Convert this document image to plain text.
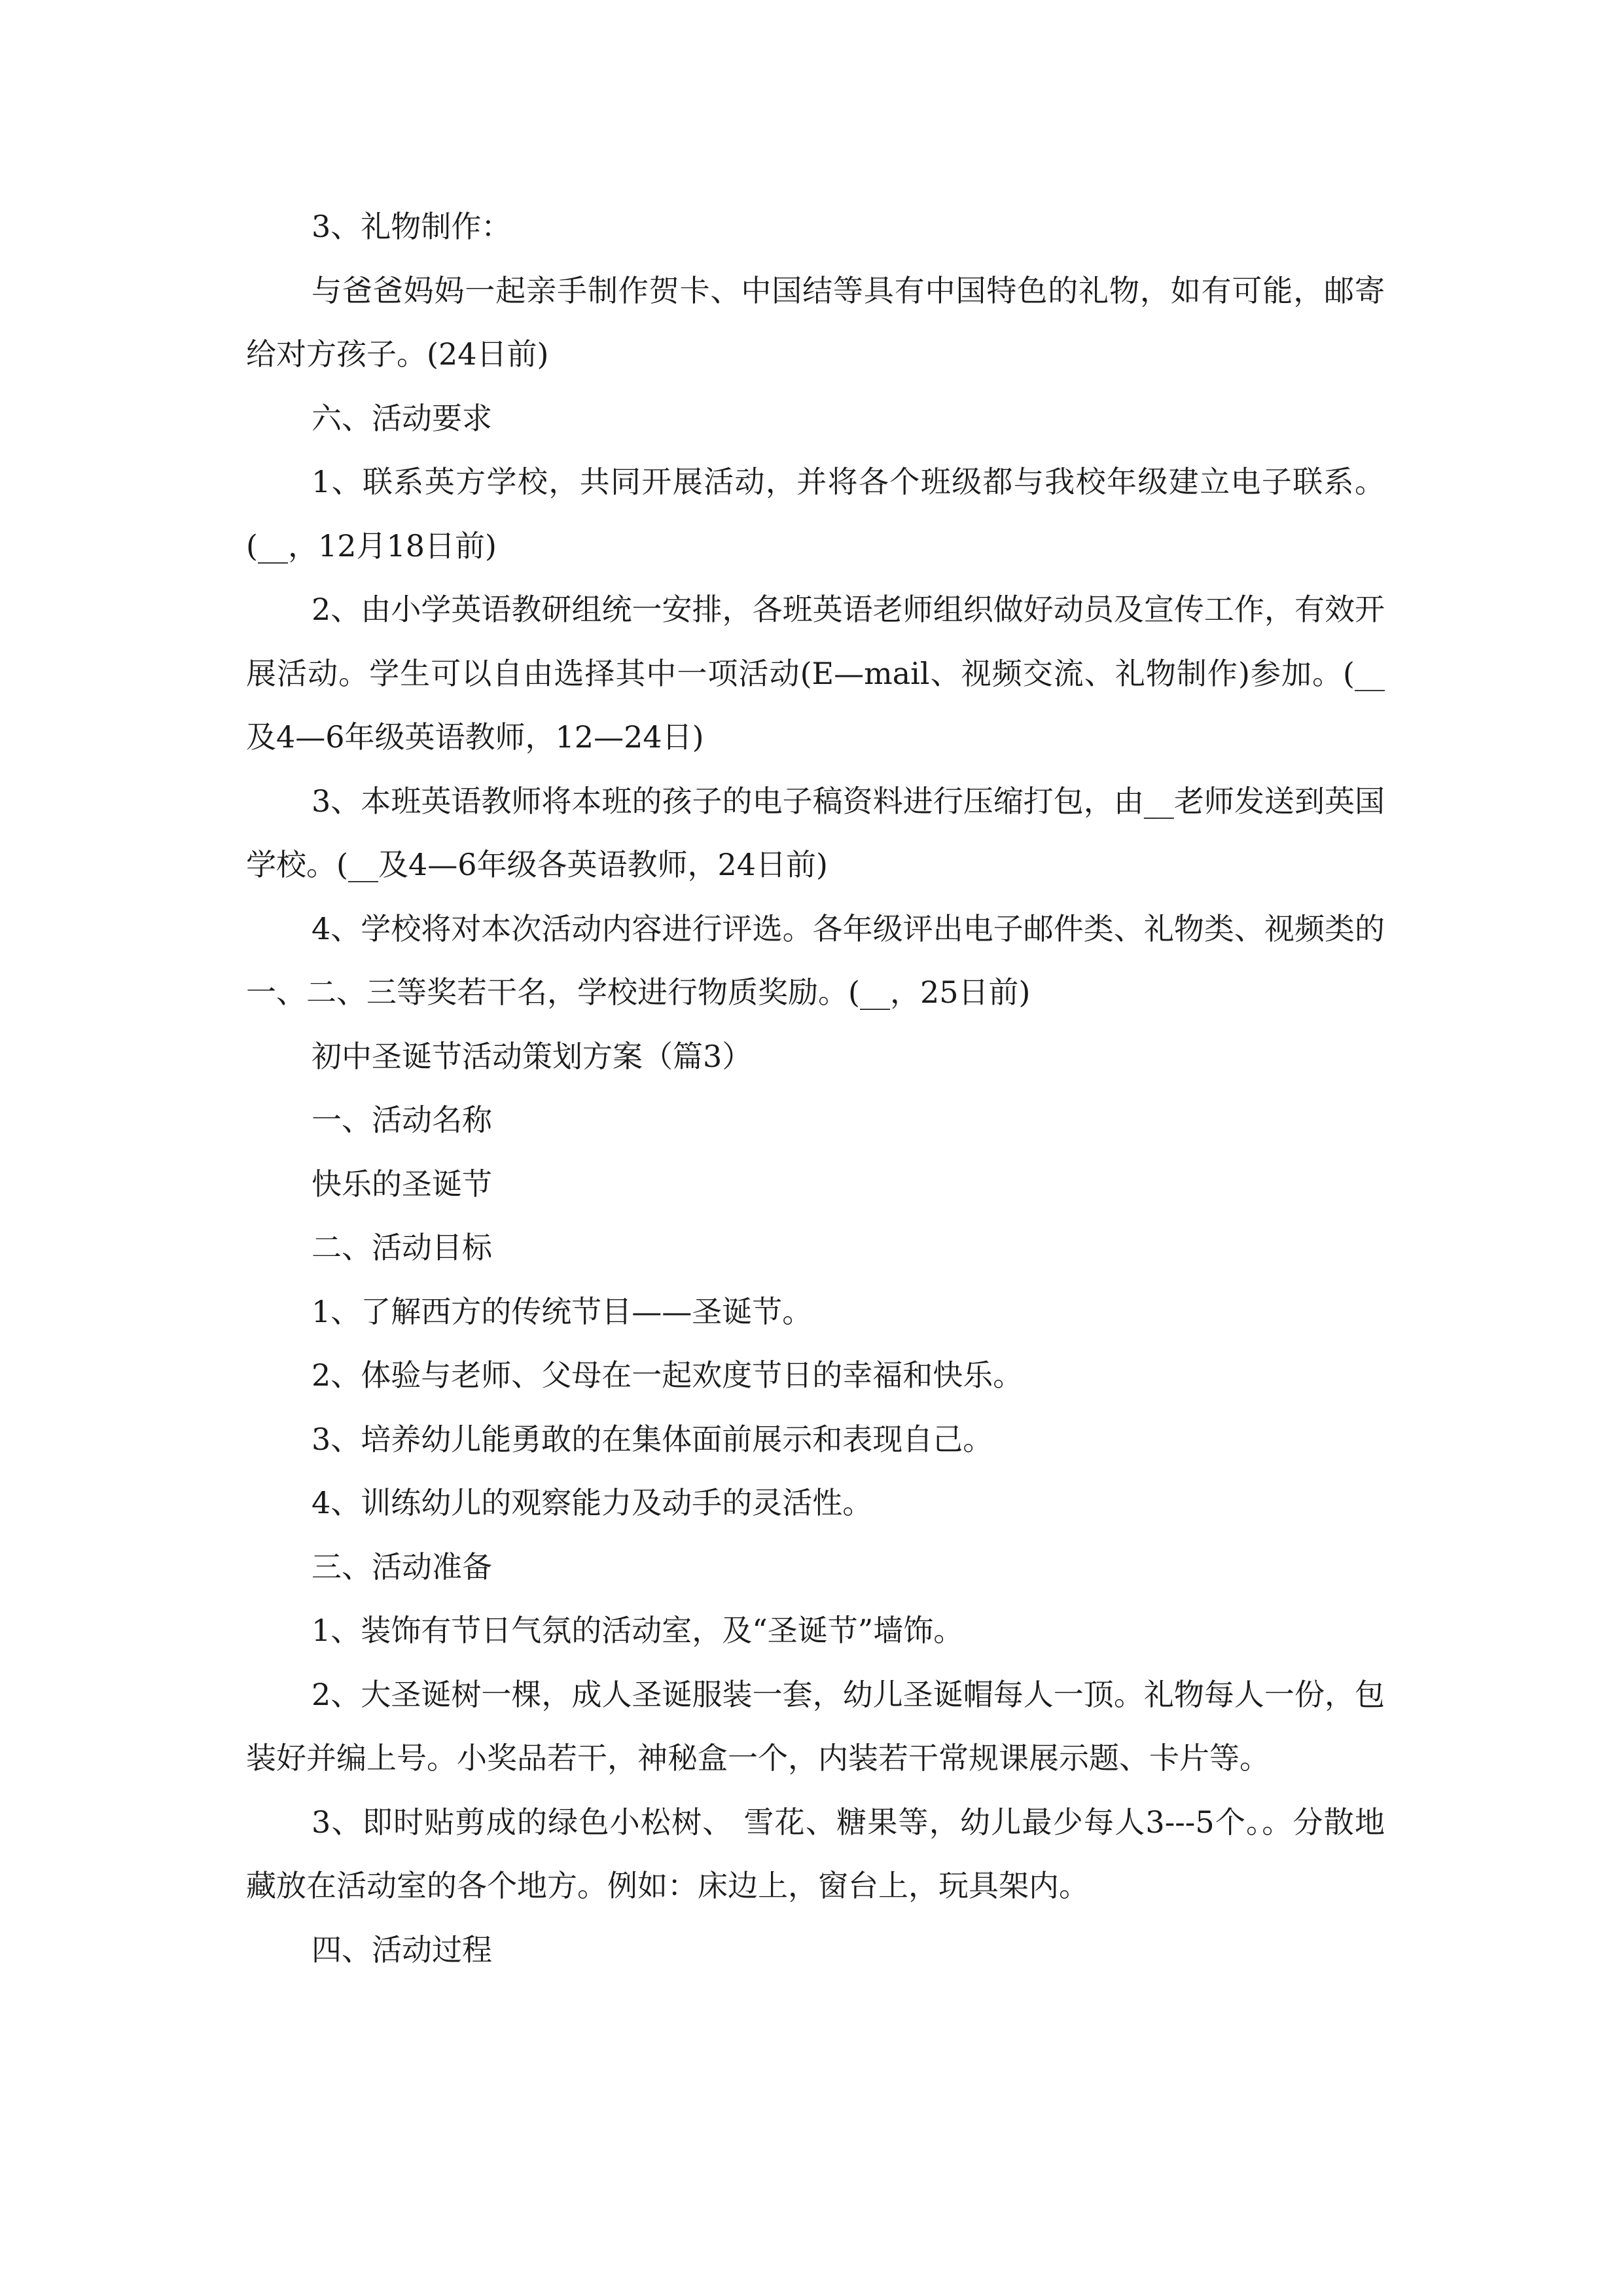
3、礼物制作：

与爸爸妈妈一起亲手制作贺卡、中国结等具有中国特色的礼物，如有可能，邮寄给对方孩子。(24日前)

六、活动要求

1、联系英方学校，共同开展活动，并将各个班级都与我校年级建立电子联系。(__，12月18日前)

2、由小学英语教研组统一安排，各班英语老师组织做好动员及宣传工作，有效开展活动。学生可以自由选择其中一项活动(E—mail、视频交流、礼物制作)参加。(__及4—6年级英语教师，12—24日)

3、本班英语教师将本班的孩子的电子稿资料进行压缩打包，由__老师发送到英国学校。(__及4—6年级各英语教师，24日前)

4、学校将对本次活动内容进行评选。各年级评出电子邮件类、礼物类、视频类的一、二、三等奖若干名，学校进行物质奖励。(__，25日前)

初中圣诞节活动策划方案（篇3）

一、活动名称

快乐的圣诞节

二、活动目标

1、了解西方的传统节目——圣诞节。

2、体验与老师、父母在一起欢度节日的幸福和快乐。

3、培养幼儿能勇敢的在集体面前展示和表现自己。

4、训练幼儿的观察能力及动手的灵活性。

三、活动准备

1、装饰有节日气氛的活动室，及“圣诞节”墙饰。

2、大圣诞树一棵，成人圣诞服装一套，幼儿圣诞帽每人一顶。礼物每人一份，包装好并编上号。小奖品若干，神秘盒一个，内装若干常规课展示题、卡片等。

3、即时贴剪成的绿色小松树、 雪花、糖果等，幼儿最少每人3---5个。。分散地藏放在活动室的各个地方。例如：床边上，窗台上，玩具架内。

四、活动过程
